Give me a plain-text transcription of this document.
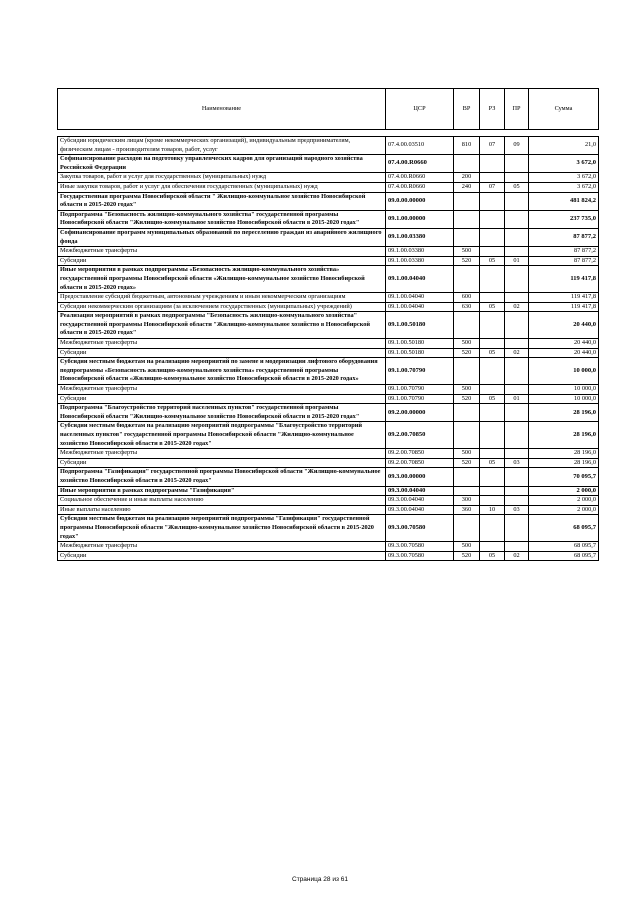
Наименование	ЦСР	ВР	РЗ	ПР	Сумма

Субсидии юридическим лицам (кроме некоммерческих организаций), индивидуальным предпринимателям, физическим лицам - производителям товаров, работ, услуг	07.4.00.03510	810	07	09	21,0
Софинансирование расходов на подготовку управленческих кадров для организаций народного хозяйства Российской Федерации	07.4.00.R0660				3 672,0
Закупка товаров, работ и услуг для государственных (муниципальных) нужд	07.4.00.R0660	200			3 672,0
Иные закупки товаров, работ и услуг для обеспечения государственных (муниципальных) нужд	07.4.00.R0660	240	07	05	3 672,0
Государственная программа Новосибирской области " Жилищно-коммунальное хозяйство Новосибирской области в 2015-2020 годах"	09.0.00.00000				481 824,2
Подпрограмма "Безопасность жилищно-коммунального хозяйства" государственной программы Новосибирской области "Жилищно-коммунальное хозяйство Новосибирской области в 2015-2020 годах"	09.1.00.00000				237 735,0
Софинансирование программ муниципальных образований по переселению граждан из аварийного жилищного фонда	09.1.00.03380				87 877,2
Межбюджетные трансферты	09.1.00.03380	500			87 877,2
Субсидии	09.1.00.03380	520	05	01	87 877,2
Иные мероприятия в рамках подпрограммы «Безопасность жилищно-коммунального хозяйства» государственной программы Новосибирской области «Жилищно-коммунальное хозяйство Новосибирской области в 2015-2020 годах»	09.1.00.04040				119 417,8
Предоставление субсидий бюджетным, автономным учреждениям и иным некоммерческим организациям	09.1.00.04040	600			119 417,8
Субсидии некоммерческим организациям (за исключением государственных (муниципальных) учреждений)	09.1.00.04040	630	05	02	119 417,8
Реализация мероприятий в рамках подпрограммы "Безопасность жилищно-коммунального хозяйства" государственной программы Новосибирской области "Жилищно-коммунальное хозяйство в Новосибирской области в 2015-2020 годах"	09.1.00.50180				20 440,0
Межбюджетные трансферты	09.1.00.50180	500			20 440,0
Субсидии	09.1.00.50180	520	05	02	20 440,0
Субсидии местным бюджетам на реализацию мероприятий по замене и модернизации лифтового оборудования подпрограммы «Безопасность жилищно-коммунального хозяйства» государственной программы Новосибирской области «Жилищно-коммунальное хозяйство Новосибирской области в 2015-2020 годах»	09.1.00.70790				10 000,0
Межбюджетные трансферты	09.1.00.70790	500			10 000,0
Субсидии	09.1.00.70790	520	05	01	10 000,0
Подпрограмма "Благоустройство территорий населенных пунктов" государственной программы Новосибирской области "Жилищно-коммунальное хозяйство Новосибирской области в 2015-2020 годах"	09.2.00.00000				28 196,0
Субсидии местным бюджетам на реализацию мероприятий подпрограммы "Благоустройство территорий населенных пунктов" государственной программы Новосибирской области "Жилищно-коммунальное хозяйство Новосибирской области в 2015-2020 годах"	09.2.00.70850				28 196,0
Межбюджетные трансферты	09.2.00.70850	500			28 196,0
Субсидии	09.2.00.70850	520	05	03	28 196,0
Подпрограмма "Газификация" государственной программы Новосибирской области "Жилищно-коммунальное хозяйство Новосибирской области в 2015-2020 годах"	09.3.00.00000				70 095,7
Иные мероприятия в рамках подпрограммы "Газификация"	09.3.00.04040				2 000,0
Социальное обеспечение и иные выплаты населению	09.3.00.04040	300			2 000,0
Иные выплаты населению	09.3.00.04040	360	10	03	2 000,0
Субсидии местным бюджетам на реализацию мероприятий подпрограммы "Газификация" государственной программы Новосибирской области "Жилищно-коммунальное хозяйство Новосибирской области в 2015-2020 годах"	09.3.00.70580				68 095,7
Межбюджетные трансферты	09.3.00.70580	500			68 095,7
Субсидии	09.3.00.70580	520	05	02	68 095,7
Страница 28 из 61
